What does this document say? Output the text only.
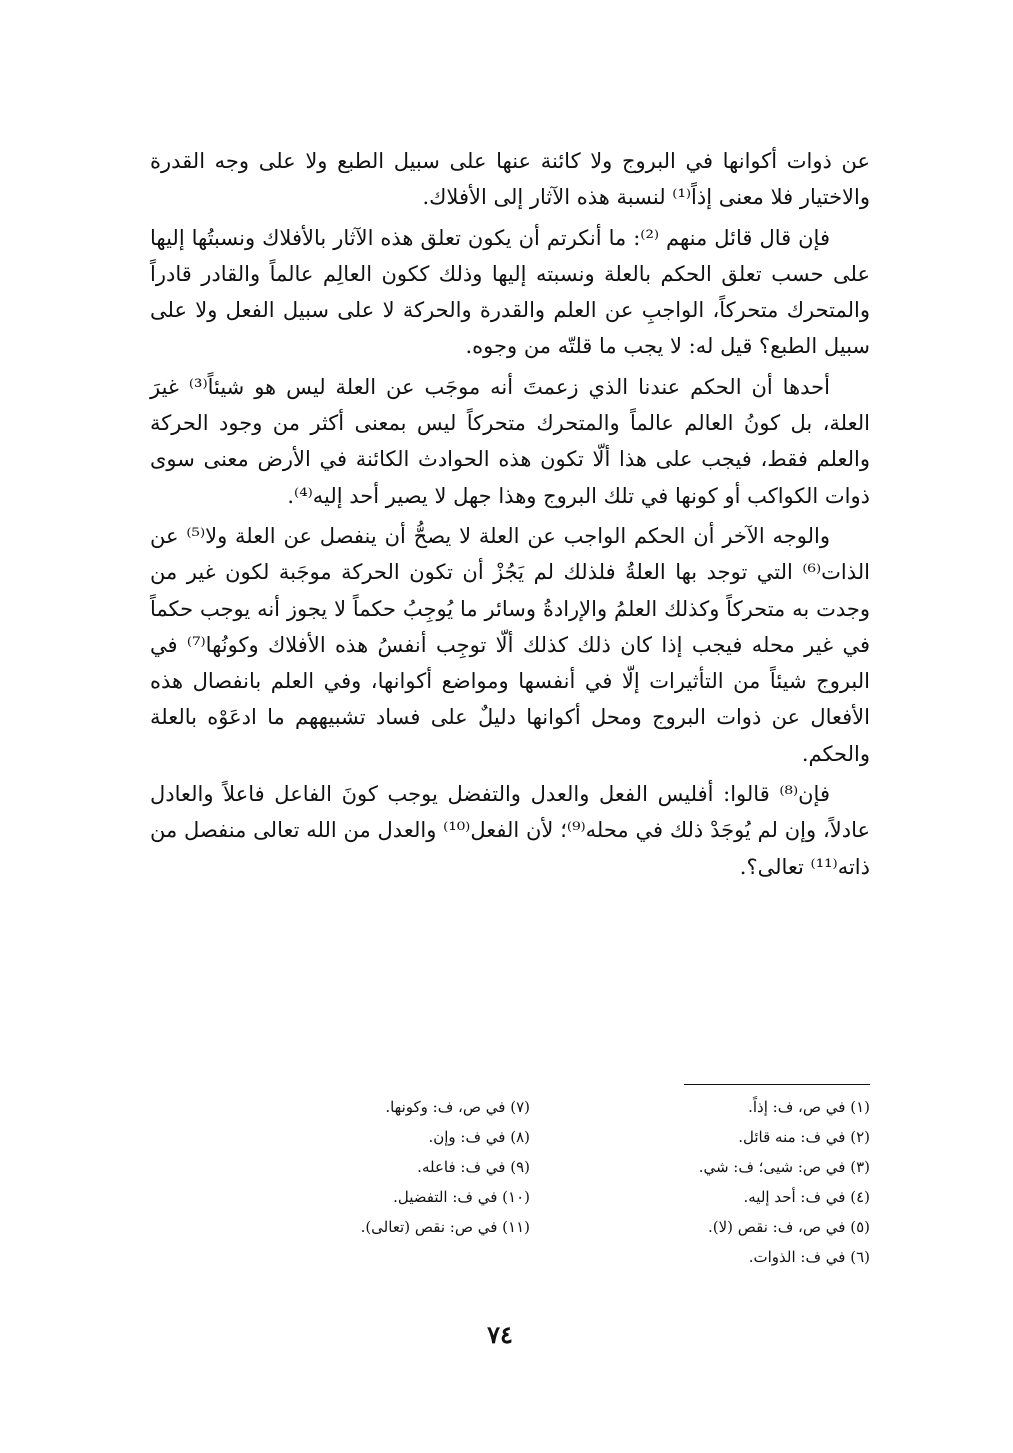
عن ذوات أكوانها في البروج ولا كائنة عنها على سبيل الطبع ولا على وجه القدرة والاختيار فلا معنى إذاً⁽¹⁾ لنسبة هذه الآثار إلى الأفلاك.

فإن قال قائل منهم ⁽²⁾: ما أنكرتم أن يكون تعلق هذه الآثار بالأفلاك ونسبتُها إليها على حسب تعلق الحكم بالعلة ونسبته إليها وذلك ككون العالِم عالماً والقادر قادراً والمتحرك متحركاً، الواجبِ عن العلم والقدرة والحركة لا على سبيل الفعل ولا على سبيل الطبع؟ قيل له: لا يجب ما قلتّه من وجوه.

أحدها أن الحكم عندنا الذي زعمتَ أنه موجَب عن العلة ليس هو شيئاً⁽³⁾ غيرَ العلة، بل كونُ العالم عالماً والمتحرك متحركاً ليس بمعنى أكثر من وجود الحركة والعلم فقط، فيجب على هذا ألّا تكون هذه الحوادث الكائنة في الأرض معنى سوى ذوات الكواكب أو كونها في تلك البروج وهذا جهل لا يصير أحد إليه⁽⁴⁾.

والوجه الآخر أن الحكم الواجب عن العلة لا يصحُّ أن ينفصل عن العلة ولا⁽⁵⁾ عن الذات⁽⁶⁾ التي توجد بها العلةُ فلذلك لم يَجُزْ أن تكون الحركة موجَبة لكون غير من وجدت به متحركاً وكذلك العلمُ والإرادةُ وسائر ما يُوجِبُ حكماً لا يجوز أنه يوجب حكماً في غير محله فيجب إذا كان ذلك كذلك ألّا توجِب أنفسُ هذه الأفلاك وكونُها⁽⁷⁾ في البروج شيئاً من التأثيرات إلّا في أنفسها ومواضع أكوانها، وفي العلم بانفصال هذه الأفعال عن ذوات البروج ومحل أكوانها دليلٌ على فساد تشبيههم ما ادعَوْه بالعلة والحكم.

فإن⁽⁸⁾ قالوا: أفليس الفعل والعدل والتفضل يوجب كونَ الفاعل فاعلاً والعادل عادلاً، وإن لم يُوجَدْ ذلك في محله⁽⁹⁾؛ لأن الفعل⁽¹⁰⁾ والعدل من الله تعالى منفصل من ذاته⁽¹¹⁾ تعالى؟.

(١) في ص، ف: إذاً.
(٢) في ف: منه قائل.
(٣) في ص: شيى؛ ف: شي.
(٤) في ف: أحد إليه.
(٥) في ص، ف: نقص (لا).
(٦) في ف: الذوات.
(٧) في ص، ف: وكونها.
(٨) في ف: وإن.
(٩) في ف: فاعله.
(١٠) في ف: التفضيل.
(١١) في ص: نقص (تعالى).
٧٤
